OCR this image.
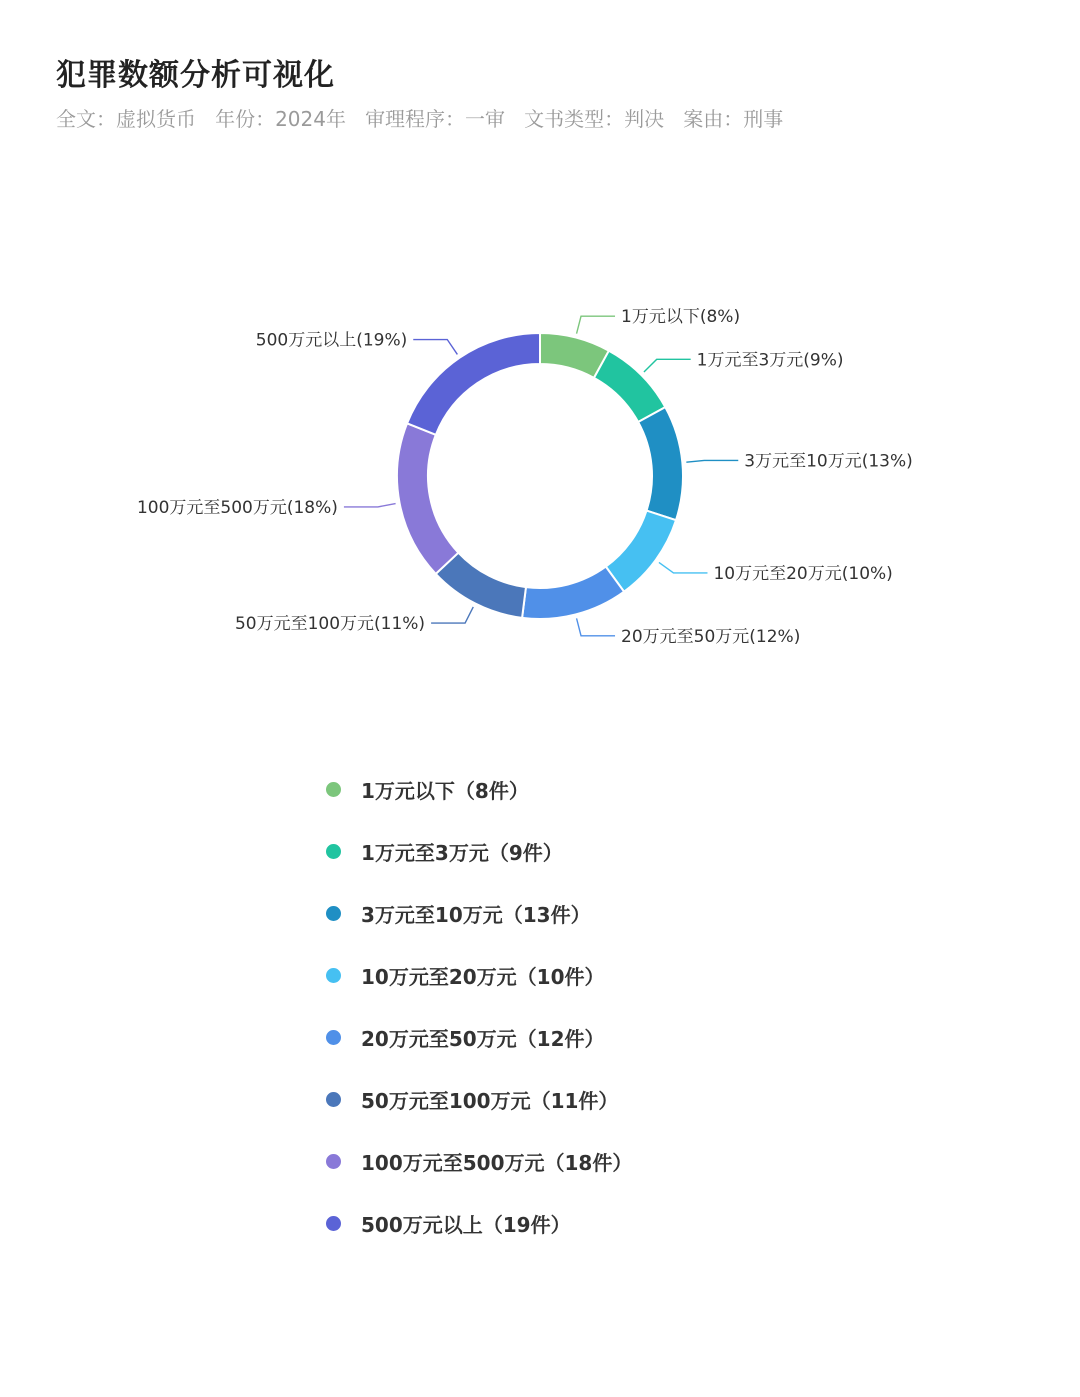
犯罪数额分析可视化
全文：虚拟货币 年份：2024年 审理程序：一审 文书类型：判决 案由：刑事
1万元以下(8%)
1万元至3万元(9%)
3万元至10万元(13%)
10万元至20万元(10%)
20万元至50万元(12%)
50万元至100万元(11%)
100万元至500万元(18%)
500万元以上(19%)
1万元以下（8件）
1万元至3万元（9件）
3万元至10万元（13件）
10万元至20万元（10件）
20万元至50万元（12件）
50万元至100万元（11件）
100万元至500万元（18件）
500万元以上（19件）
